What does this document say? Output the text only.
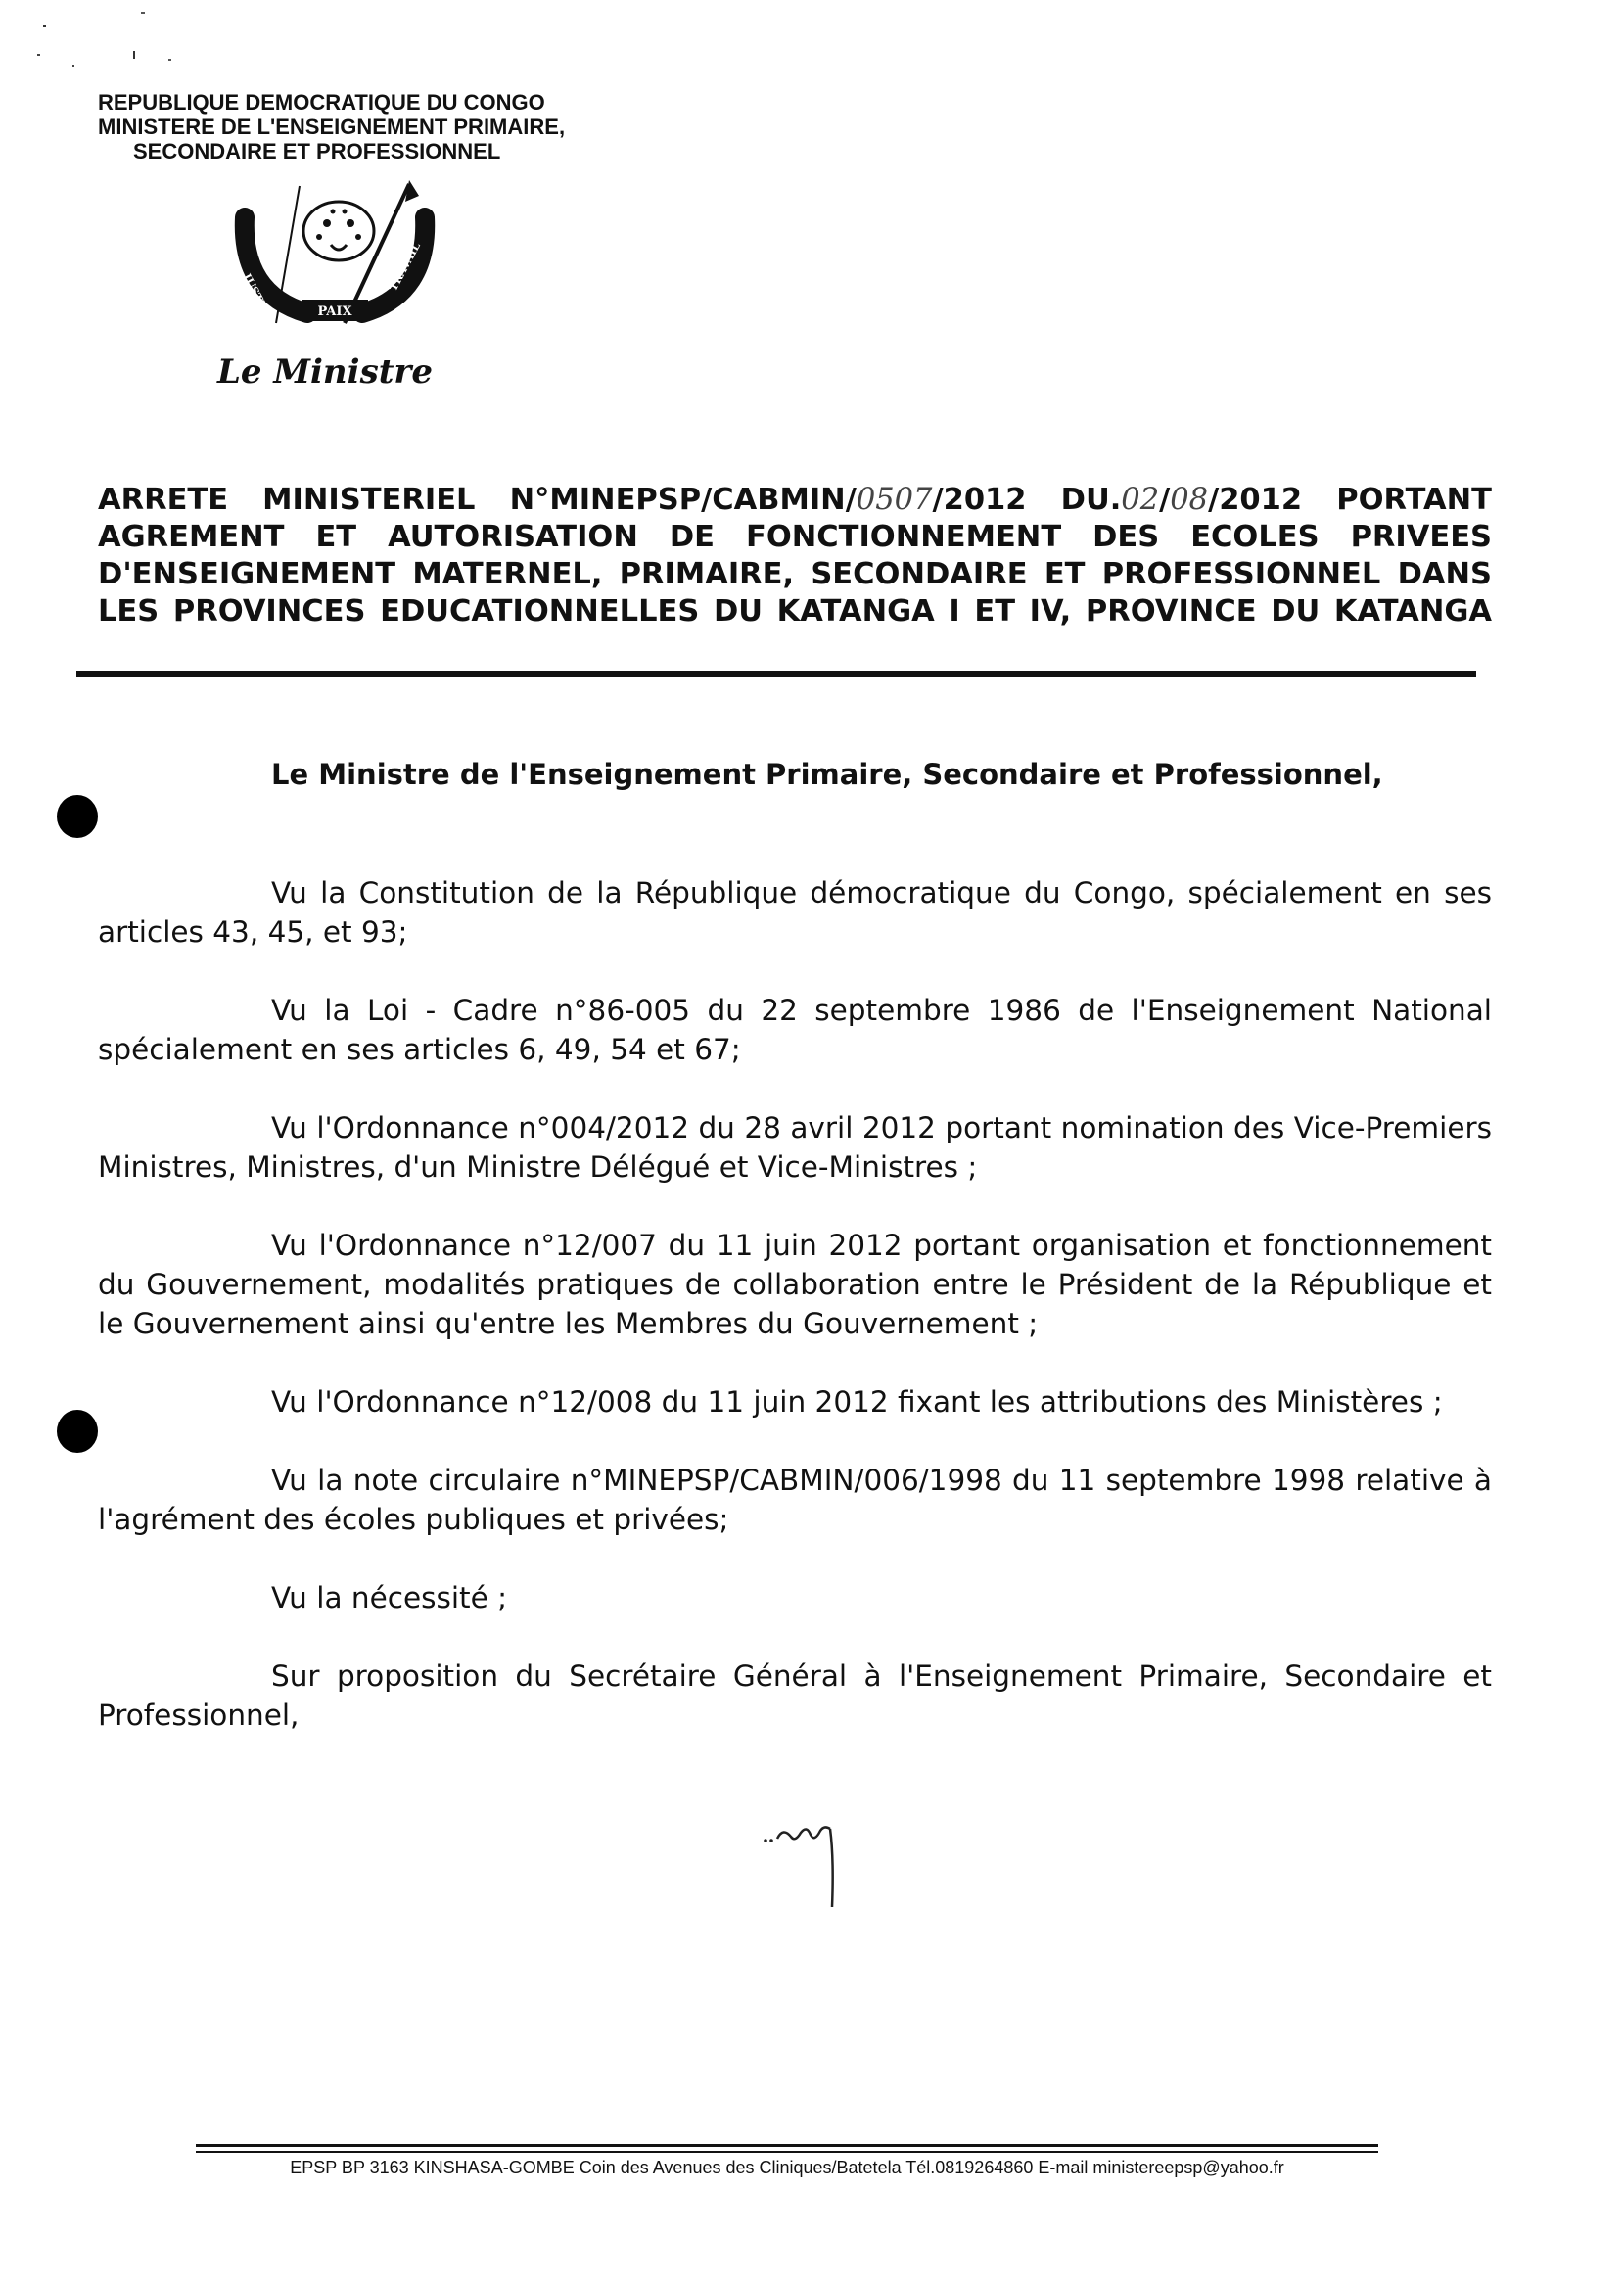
REPUBLIQUE DEMOCRATIQUE DU CONGO
MINISTERE DE L'ENSEIGNEMENT PRIMAIRE,
SECONDAIRE ET PROFESSIONNEL
PAIX
JUSTICE
TRAVAIL
Le Ministre
ARRETE MINISTERIEL N°MINEPSP/CABMIN/0507/2012 DU.02/08/2012 PORTANT AGREMENT ET AUTORISATION DE FONCTIONNEMENT DES ECOLES PRIVEES D'ENSEIGNEMENT MATERNEL, PRIMAIRE, SECONDAIRE ET PROFESSIONNEL DANS LES PROVINCES EDUCATIONNELLES DU KATANGA I ET IV, PROVINCE DU KATANGA
Le Ministre de l'Enseignement Primaire, Secondaire et Professionnel,

Vu la Constitution de la République démocratique du Congo, spécialement en ses articles 43, 45, et 93;

Vu la Loi - Cadre n°86-005 du 22 septembre 1986 de l'Enseignement National spécialement en ses articles 6, 49, 54 et 67;

Vu l'Ordonnance n°004/2012 du 28 avril 2012 portant nomination des Vice-Premiers Ministres, Ministres, d'un Ministre Délégué et Vice-Ministres ;

Vu l'Ordonnance n°12/007 du 11 juin 2012 portant organisation et fonctionnement du Gouvernement, modalités pratiques de collaboration entre le Président de la République et le Gouvernement ainsi qu'entre les Membres du Gouvernement ;

Vu l'Ordonnance n°12/008 du 11 juin 2012 fixant les attributions des Ministères ;

Vu la note circulaire n°MINEPSP/CABMIN/006/1998 du 11 septembre 1998 relative à l'agrément des écoles publiques et privées;

Vu la nécessité ;

Sur proposition du Secrétaire Général à l'Enseignement Primaire, Secondaire et Professionnel,

EPSP BP 3163 KINSHASA-GOMBE Coin des Avenues des Cliniques/Batetela Tél.0819264860 E-mail ministereepsp@yahoo.fr
